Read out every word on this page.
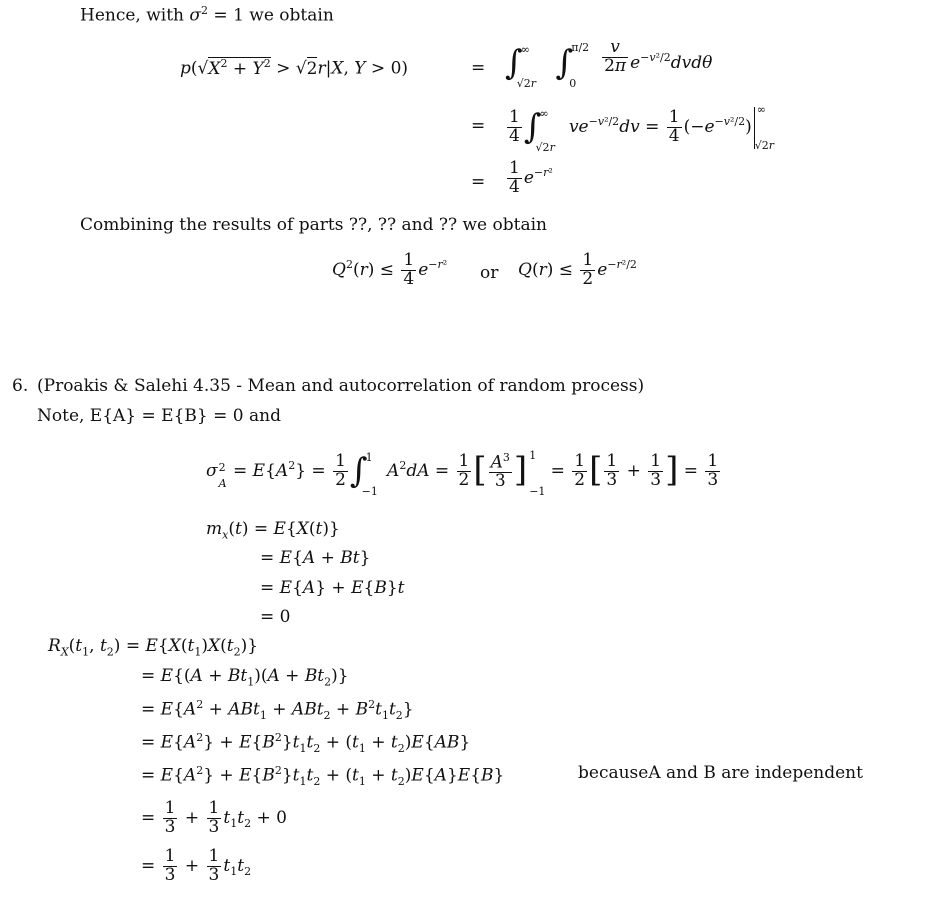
Hence, with $\sigma^2 = 1$ we obtain
$p(√X^2 + Y^2 > √2r|X$, Y > 0)	=
=
=
∫
∞
√2r ∫
π/2
0

$\frac{v}{2\pi} e^{-v^2/2}dvd\theta$
$\frac{1}{4}$ ∫
∞
√2r
$ve^{-v^2/2}dv = \frac{1}{4} (-e^{-v^2/2})$
∞
√2r
$\frac{1}{4} e^{-r^2}$
Combining the results of parts ??, ?? and ?? we obtain
$Q^2(r) \le \frac{1}{4} e^{-r^2}$ or $Q(r) \le \frac{1}{2} e^{-r^2/2}$
6. (Proakis & Salehi 4.35 - Mean and autocorrelation of random process)
Note, E{A} = E{B} = 0 and
σ 2
A
= $E\{A^2\} = \frac{1}{2}$ ∫
1
−1
$A^2dA = \frac{1}{2}$ [ $\frac{A^3}{3}$ ] 1
−1
= $\frac{1}{2}$ [ $\frac{1}{3} + \frac{1}{3}$ ] = $\frac{1}{3}$
$m_x(t) = E\{X(t)\}$
= E{A + Bt}
= E{A} + E{B}t
= 0
$R_X(t_1$, $t_2) = E\{X(t_1)X(t_2)\}$
= $E\{(A + Bt_1)(A + Bt_2)\}$
= $E\{A^2 + ABt_1 + ABt_2 + B^2t_1t_2\}$
= $E\{A^2\} + E\{B^2\}t_1t_2 + (t_1 + t_2)E\{AB\}$
= $E\{A^2\} + E\{B^2\}t_1t_2 + (t_1 + t_2)E\{A\}E\{B\}$	becauseA and B are independent
= $\frac{1}{3} + \frac{1}{3} t_1t_2 + 0$
= $\frac{1}{3} + \frac{1}{3} t_1t_2$
